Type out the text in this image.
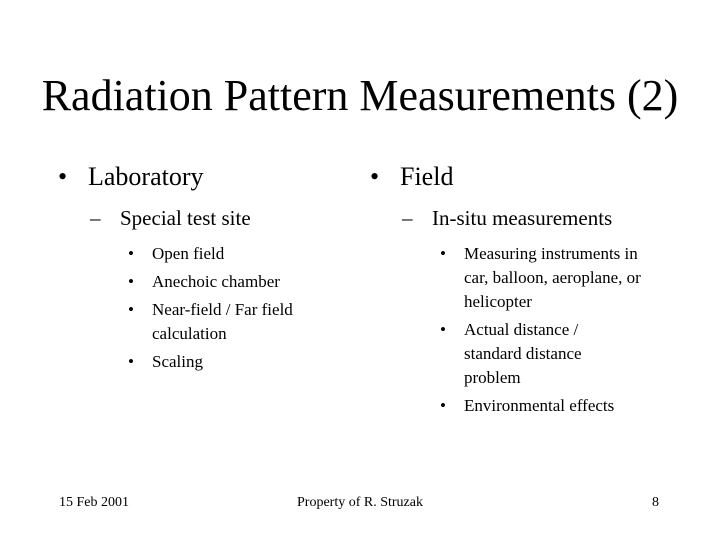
Radiation Pattern Measurements (2)
• Laboratory
– Special test site
• Open field
• Anechoic chamber
• Near-field / Far field calculation
• Scaling
• Field
– In-situ measurements
• Measuring instruments in car, balloon, aeroplane, or helicopter
• Actual distance / standard distance problem
• Environmental effects
15 Feb 2001	Property of R. Struzak	8
